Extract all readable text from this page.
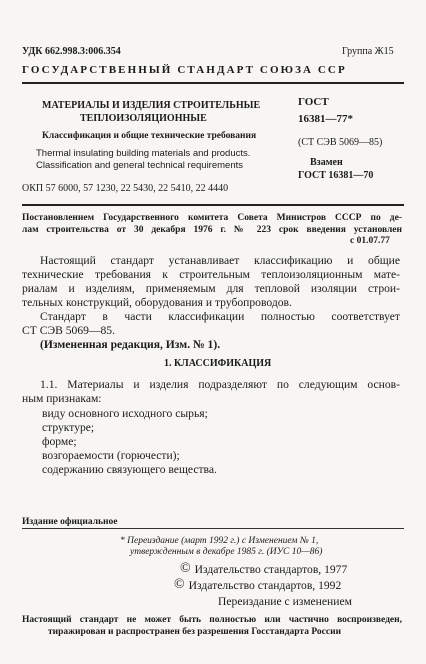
УДК 662.998.3:006.354	Группа Ж15
ГОСУДАРСТВЕННЫЙ СТАНДАРТ СОЮЗА ССР
МАТЕРИАЛЫ И ИЗДЕЛИЯ СТРОИТЕЛЬНЫЕ
ТЕПЛОИЗОЛЯЦИОННЫЕ
Классификация и общие технические требования
Thermal insulating building materials and products.
Classification and general technical requirements
ОКП 57 6000, 57 1230, 22 5430, 22 5410, 22 4440
ГОСТ
16381—77*
(СТ СЭВ 5069—85)
Взамен
ГОСТ 16381—70
Постановлением Государственного комитета Совета Министров СССР по де-
лам строительства от 30 декабря 1976 г. № 223 срок введения установлен
с 01.07.77
Настоящий стандарт устанавливает классификацию и общие
технические требования к строительным теплоизоляционным мате-
риалам и изделиям, применяемым для тепловой изоляции строи-
тельных конструкций, оборудования и трубопроводов.
Стандарт в части классификации полностью соответствует
СТ СЭВ 5069—85.
(Измененная редакция, Изм. № 1).
1. КЛАССИФИКАЦИЯ
1.1. Материалы и изделия подразделяют по следующим основ-
ным признакам:
виду основного исходного сырья;
структуре;
форме;
возгораемости (горючести);
содержанию связующего вещества.
Издание официальное
* Переиздание (март 1992 г.) с Изменением № 1,
утвержденным в декабре 1985 г. (ИУС 10—86)
© Издательство стандартов, 1977
© Издательство стандартов, 1992
Переиздание с изменением
Настоящий стандарт не может быть полностью или частично воспроизведен,
тиражирован и распространен без разрешения Госстандарта России
